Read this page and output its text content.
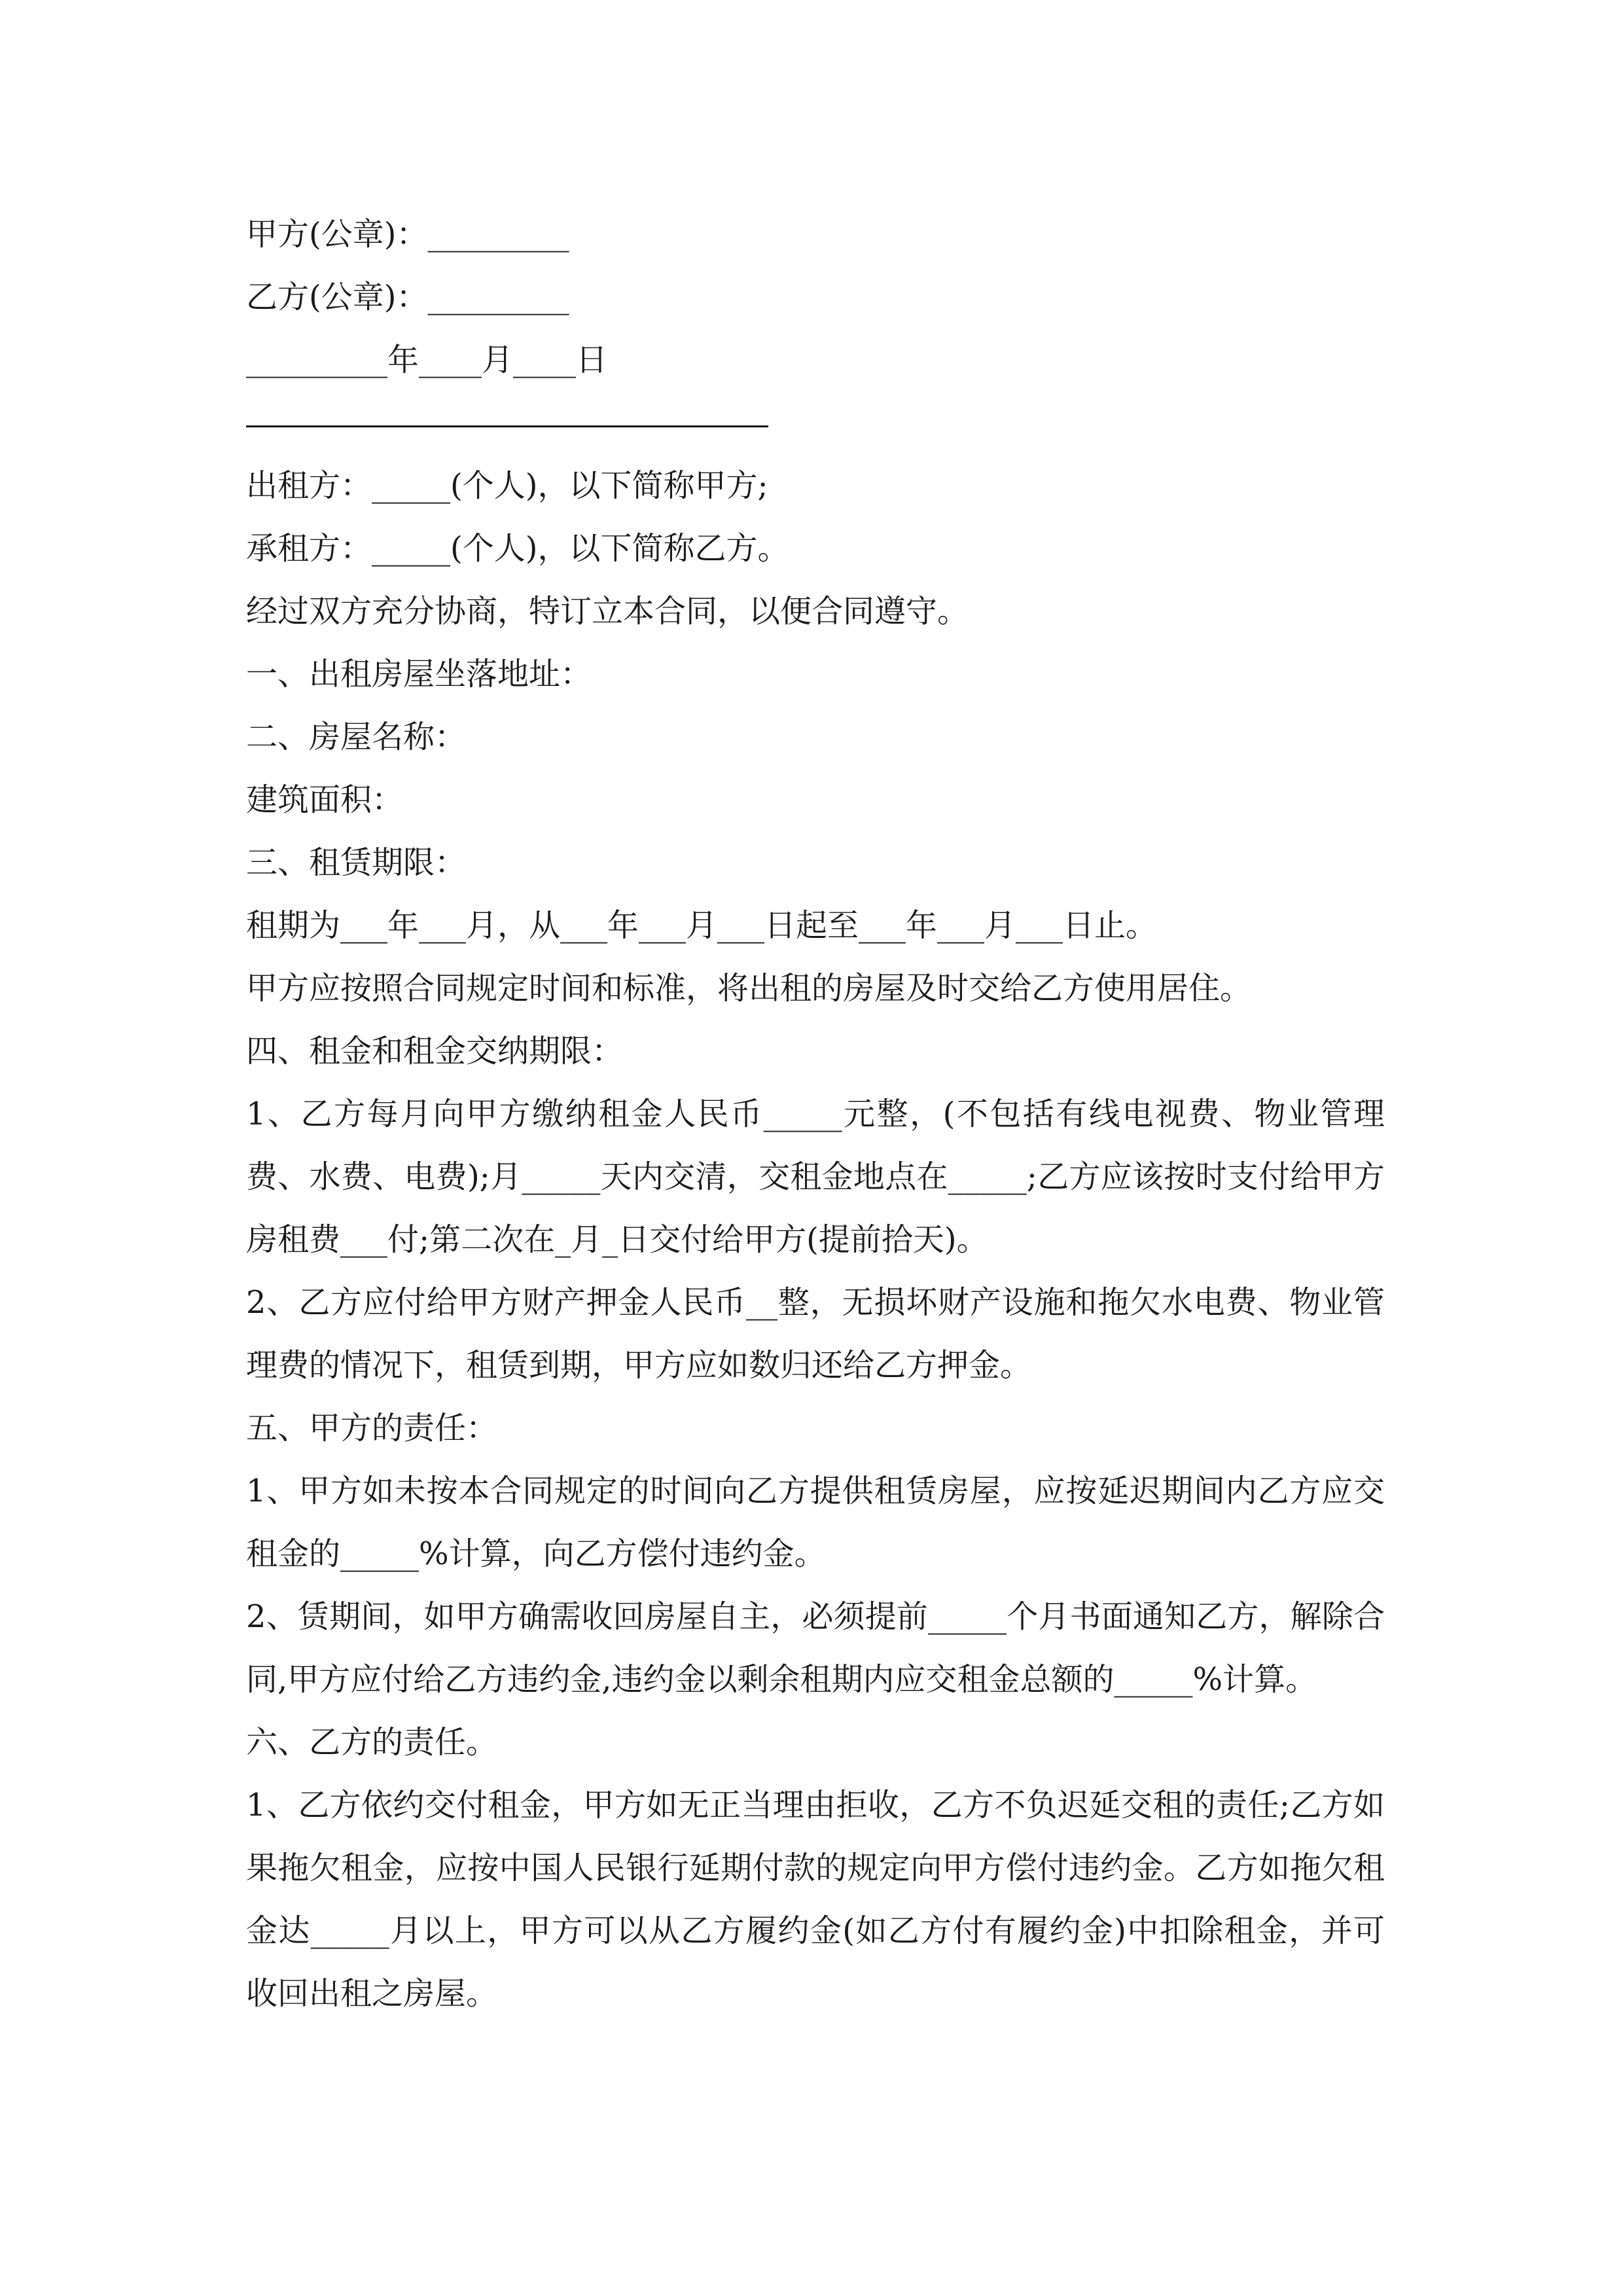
甲方(公章)：_________
乙方(公章)：_________
_________年____月____日
出租方：_____(个人)，以下简称甲方;
承租方：_____(个人)，以下简称乙方。
经过双方充分协商，特订立本合同，以便合同遵守。
一、出租房屋坐落地址：
二、房屋名称：
建筑面积：
三、租赁期限：
租期为___年___月，从___年___月___日起至___年___月___日止。
甲方应按照合同规定时间和标准，将出租的房屋及时交给乙方使用居住。
四、租金和租金交纳期限：
1、乙方每月向甲方缴纳租金人民币_____元整，(不包括有线电视费、物业管理费、水费、电费);月_____天内交清，交租金地点在_____;乙方应该按时支付给甲方房租费___付;第二次在_月_日交付给甲方(提前拾天)。
2、乙方应付给甲方财产押金人民币__整，无损坏财产设施和拖欠水电费、物业管理费的情况下，租赁到期，甲方应如数归还给乙方押金。
五、甲方的责任：
1、甲方如未按本合同规定的时间向乙方提供租赁房屋，应按延迟期间内乙方应交租金的_____%计算，向乙方偿付违约金。
2、赁期间，如甲方确需收回房屋自主，必须提前_____个月书面通知乙方，解除合同,甲方应付给乙方违约金,违约金以剩余租期内应交租金总额的_____%计算。
六、乙方的责任。
1、乙方依约交付租金，甲方如无正当理由拒收，乙方不负迟延交租的责任;乙方如果拖欠租金，应按中国人民银行延期付款的规定向甲方偿付违约金。乙方如拖欠租金达_____月以上，甲方可以从乙方履约金(如乙方付有履约金)中扣除租金，并可收回出租之房屋。
